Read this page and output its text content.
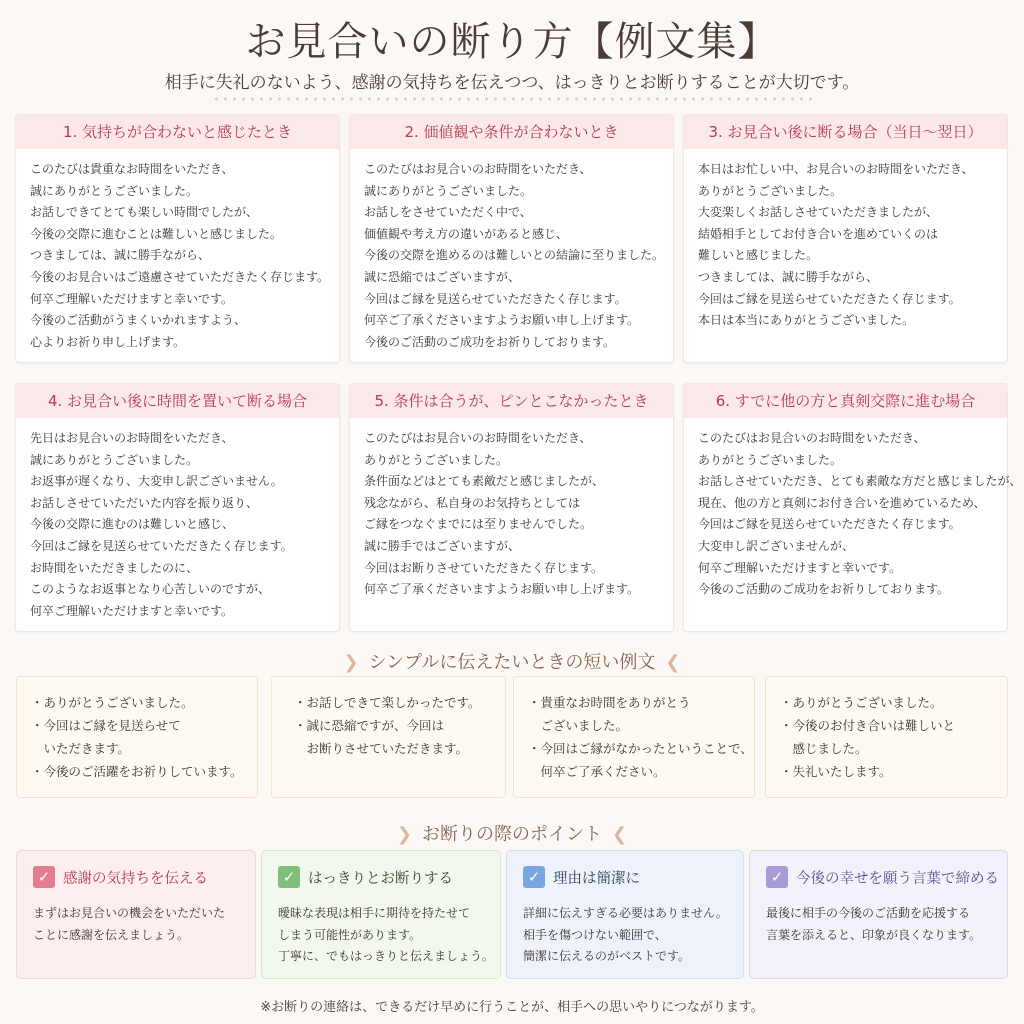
お見合いの断り方【例文集】
相手に失礼のないよう、感謝の気持ちを伝えつつ、はっきりとお断りすることが大切です。
1. 気持ちが合わないと感じたとき
このたびは貴重なお時間をいただき、
誠にありがとうございました。
お話しできてとても楽しい時間でしたが、
今後の交際に進むことは難しいと感じました。
つきましては、誠に勝手ながら、
今後のお見合いはご遠慮させていただきたく存じます。
何卒ご理解いただけますと幸いです。
今後のご活動がうまくいかれますよう、
心よりお祈り申し上げます。
2. 価値観や条件が合わないとき
このたびはお見合いのお時間をいただき、
誠にありがとうございました。
お話しをさせていただく中で、
価値観や考え方の違いがあると感じ、
今後の交際を進めるのは難しいとの結論に至りました。
誠に恐縮ではございますが、
今回はご縁を見送らせていただきたく存じます。
何卒ご了承くださいますようお願い申し上げます。
今後のご活動のご成功をお祈りしております。
3. お見合い後に断る場合（当日〜翌日）
本日はお忙しい中、お見合いのお時間をいただき、
ありがとうございました。
大変楽しくお話しさせていただきましたが、
結婚相手としてお付き合いを進めていくのは
難しいと感じました。
つきましては、誠に勝手ながら、
今回はご縁を見送らせていただきたく存じます。
本日は本当にありがとうございました。
4. お見合い後に時間を置いて断る場合
先日はお見合いのお時間をいただき、
誠にありがとうございました。
お返事が遅くなり、大変申し訳ございません。
お話しさせていただいた内容を振り返り、
今後の交際に進むのは難しいと感じ、
今回はご縁を見送らせていただきたく存じます。
お時間をいただきましたのに、
このようなお返事となり心苦しいのですが、
何卒ご理解いただけますと幸いです。
5. 条件は合うが、ピンとこなかったとき
このたびはお見合いのお時間をいただき、
ありがとうございました。
条件面などはとても素敵だと感じましたが、
残念ながら、私自身のお気持ちとしては
ご縁をつなぐまでには至りませんでした。
誠に勝手ではございますが、
今回はお断りさせていただきたく存じます。
何卒ご了承くださいますようお願い申し上げます。
6. すでに他の方と真剣交際に進む場合
このたびはお見合いのお時間をいただき、
ありがとうございました。
お話しさせていただき、とても素敵な方だと感じましたが、
現在、他の方と真剣にお付き合いを進めているため、
今回はご縁を見送らせていただきたく存じます。
大変申し訳ございませんが、
何卒ご理解いただけますと幸いです。
今後のご活動のご成功をお祈りしております。
❯ シンプルに伝えたいときの短い例文 ❮
・ありがとうございました。
・今回はご縁を見送らせて
　いただきます。
・今後のご活躍をお祈りしています。
・お話しできて楽しかったです。
・誠に恐縮ですが、今回は
　お断りさせていただきます。
・貴重なお時間をありがとう
　ございました。
・今回はご縁がなかったということで、
　何卒ご了承ください。
・ありがとうございました。
・今後のお付き合いは難しいと
　感じました。
・失礼いたします。
❯ お断りの際のポイント ❮
✓ 感謝の気持ちを伝える
まずはお見合いの機会をいただいた
ことに感謝を伝えましょう。
✓ はっきりとお断りする
曖昧な表現は相手に期待を持たせて
しまう可能性があります。
丁寧に、でもはっきりと伝えましょう。
✓ 理由は簡潔に
詳細に伝えすぎる必要はありません。
相手を傷つけない範囲で、
簡潔に伝えるのがベストです。
✓ 今後の幸せを願う言葉で締める
最後に相手の今後のご活動を応援する
言葉を添えると、印象が良くなります。
※お断りの連絡は、できるだけ早めに行うことが、相手への思いやりにつながります。
